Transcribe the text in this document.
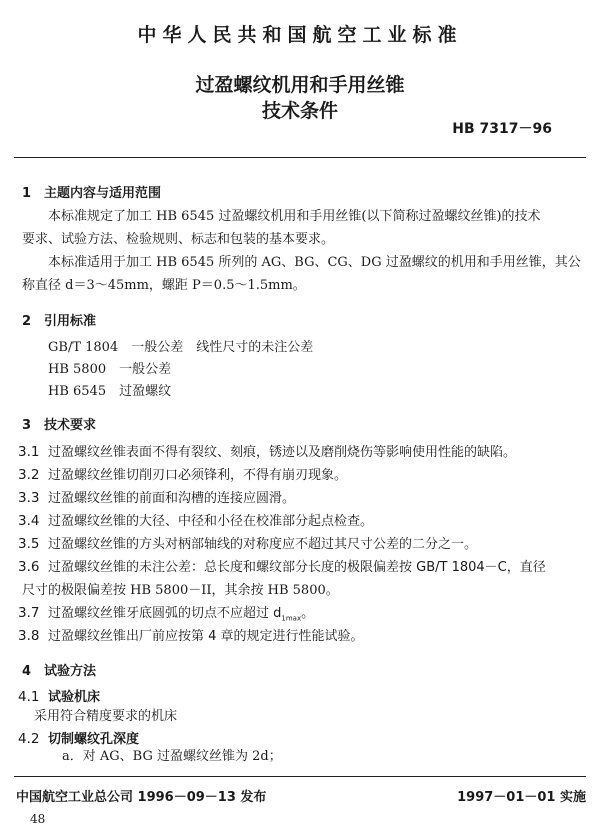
中华人民共和国航空工业标准
过盈螺纹机用和手用丝锥
技术条件
HB 7317－96
1　主题内容与适用范围
本标准规定了加工 HB 6545 过盈螺纹机用和手用丝锥(以下简称过盈螺纹丝锥)的技术
要求、试验方法、检验规则、标志和包装的基本要求。
本标准适用于加工 HB 6545 所列的 AG、BG、CG、DG 过盈螺纹的机用和手用丝锥，其公
称直径 d＝3～45mm，螺距 P＝0.5～1.5mm。
2　引用标准
GB/T 1804　一般公差　线性尺寸的未注公差
HB 5800　一般公差
HB 6545　过盈螺纹
3　技术要求
3.1 过盈螺纹丝锥表面不得有裂纹、刻痕，锈迹以及磨削烧伤等影响使用性能的缺陷。
3.2 过盈螺纹丝锥切削刃口必须锋利，不得有崩刃现象。
3.3 过盈螺纹丝锥的前面和沟槽的连接应圆滑。
3.4 过盈螺纹丝锥的大径、中径和小径在校准部分起点检查。
3.5 过盈螺纹丝锥的方头对柄部轴线的对称度应不超过其尺寸公差的二分之一。
3.6 过盈螺纹丝锥的未注公差：总长度和螺纹部分长度的极限偏差按 GB/T 1804－C，直径
尺寸的极限偏差按 HB 5800－II，其余按 HB 5800。
3.7 过盈螺纹丝锥牙底圆弧的切点不应超过 $d_{1max}$。
3.8 过盈螺纹丝锥出厂前应按第 4 章的规定进行性能试验。
4　试验方法
4.1 试验机床
采用符合精度要求的机床
4.2 切制螺纹孔深度
a．对 AG、BG 过盈螺纹丝锥为 2d；
中国航空工业总公司 1996－09－13 发布	1997－01－01 实施
48
